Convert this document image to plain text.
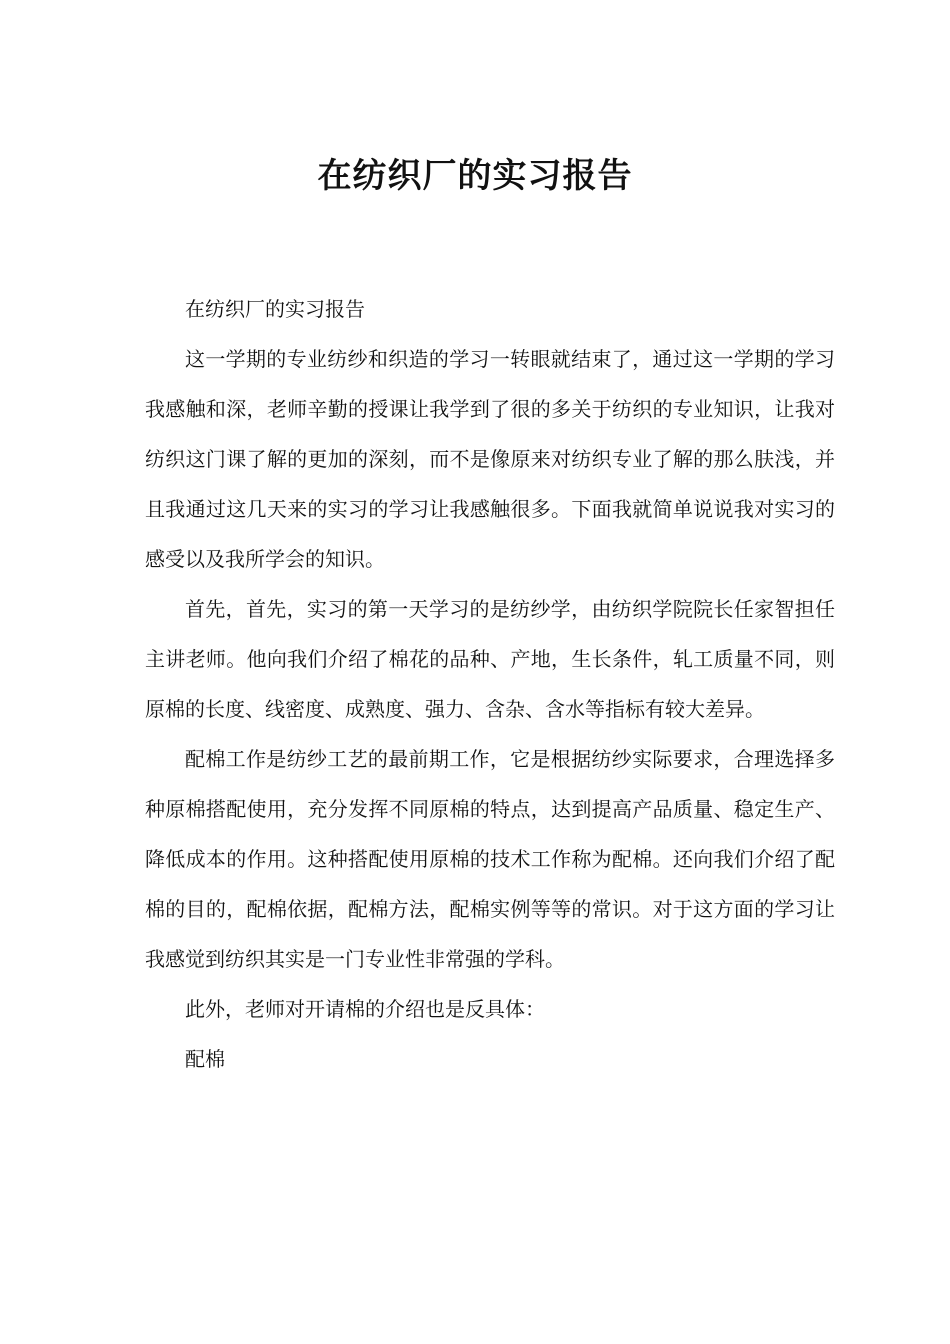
在纺织厂的实习报告

在纺织厂的实习报告

这一学期的专业纺纱和织造的学习一转眼就结束了，通过这一学期的学习我感触和深，老师辛勤的授课让我学到了很的多关于纺织的专业知识，让我对纺织这门课了解的更加的深刻，而不是像原来对纺织专业了解的那么肤浅，并且我通过这几天来的实习的学习让我感触很多。下面我就简单说说我对实习的感受以及我所学会的知识。

首先，首先，实习的第一天学习的是纺纱学，由纺织学院院长任家智担任主讲老师。他向我们介绍了棉花的品种、产地，生长条件，轧工质量不同，则原棉的长度、线密度、成熟度、强力、含杂、含水等指标有较大差异。

配棉工作是纺纱工艺的最前期工作，它是根据纺纱实际要求，合理选择多种原棉搭配使用，充分发挥不同原棉的特点，达到提高产品质量、稳定生产、降低成本的作用。这种搭配使用原棉的技术工作称为配棉。还向我们介绍了配棉的目的，配棉依据，配棉方法，配棉实例等等的常识。对于这方面的学习让我感觉到纺织其实是一门专业性非常强的学科。

此外，老师对开请棉的介绍也是反具体：

配棉
